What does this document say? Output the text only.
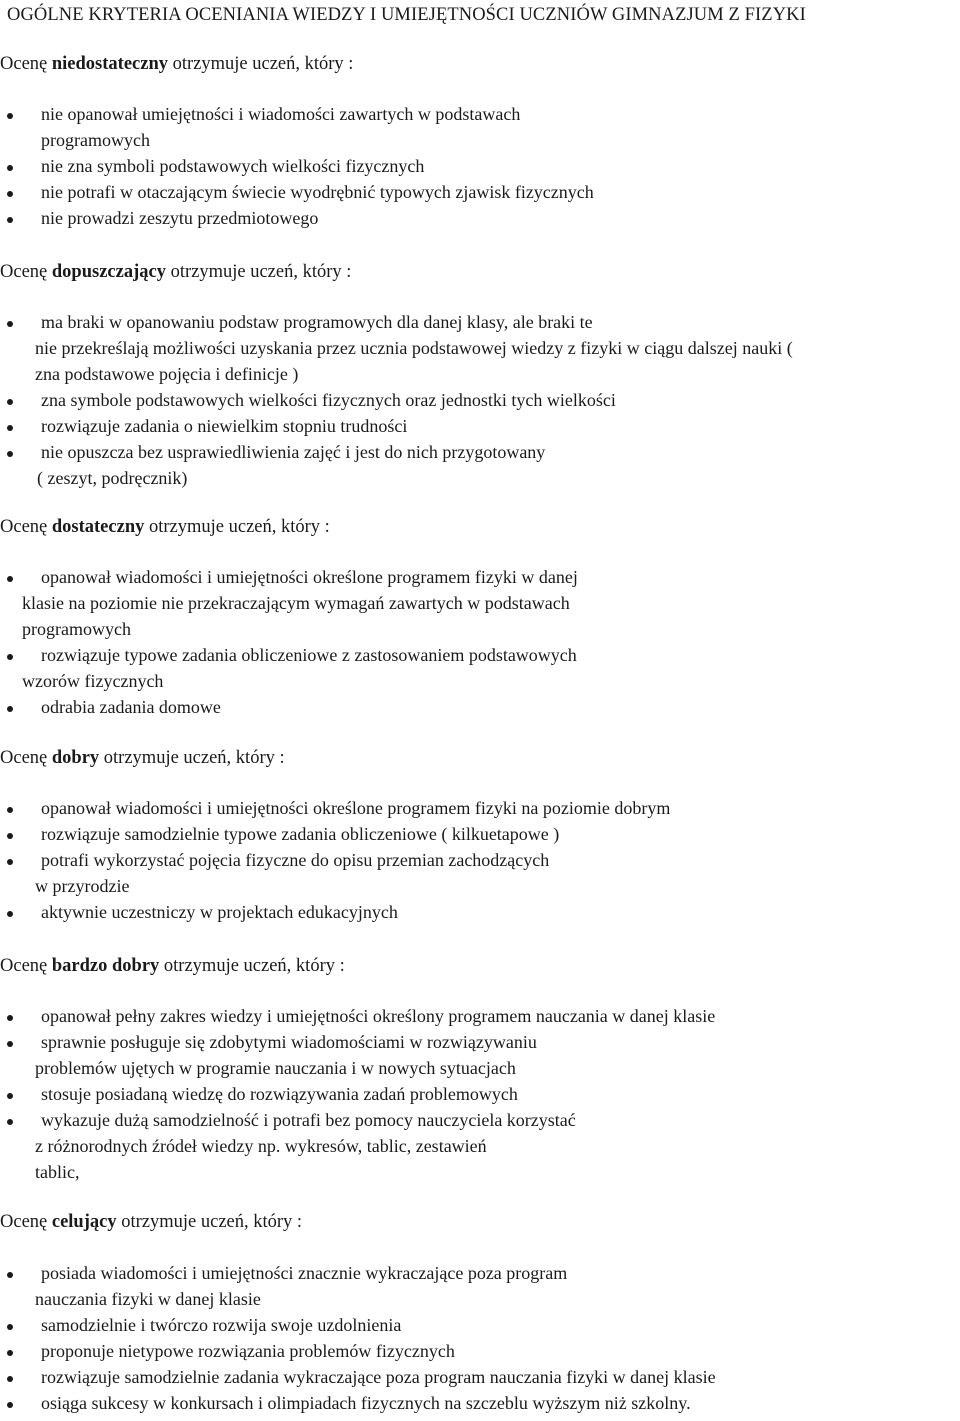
OGÓLNE KRYTERIA OCENIANIA WIEDZY I UMIEJĘTNOŚCI UCZNIÓW GIMNAZJUM Z FIZYKI
Ocenę niedostateczny otrzymuje uczeń, który :
nie opanował umiejętności i wiadomości zawartych w podstawach
programowych
nie zna symboli podstawowych wielkości fizycznych
nie potrafi w otaczającym świecie wyodrębnić typowych zjawisk fizycznych
nie prowadzi zeszytu przedmiotowego
Ocenę dopuszczający otrzymuje uczeń, który :
ma braki w opanowaniu podstaw programowych dla danej klasy, ale braki te
nie przekreślają możliwości uzyskania przez ucznia podstawowej wiedzy z fizyki w ciągu dalszej nauki (
zna podstawowe pojęcia i definicje )
zna symbole podstawowych wielkości fizycznych oraz jednostki tych wielkości
rozwiązuje zadania o niewielkim stopniu trudności
nie opuszcza bez usprawiedliwienia zajęć i jest do nich przygotowany
( zeszyt, podręcznik)
Ocenę dostateczny otrzymuje uczeń, który :
opanował wiadomości i umiejętności określone programem fizyki w danej
klasie na poziomie nie przekraczającym wymagań zawartych w podstawach
programowych
rozwiązuje typowe zadania obliczeniowe z zastosowaniem podstawowych
wzorów fizycznych
odrabia zadania domowe
Ocenę dobry otrzymuje uczeń, który :
opanował wiadomości i umiejętności określone programem fizyki na poziomie dobrym
rozwiązuje samodzielnie typowe zadania obliczeniowe ( kilkuetapowe )
potrafi wykorzystać pojęcia fizyczne do opisu przemian zachodzących
w przyrodzie
aktywnie uczestniczy w projektach edukacyjnych
Ocenę bardzo dobry otrzymuje uczeń, który :
opanował pełny zakres wiedzy i umiejętności określony programem nauczania w danej klasie
sprawnie posługuje się zdobytymi wiadomościami w rozwiązywaniu
problemów ujętych w programie nauczania i w nowych sytuacjach
stosuje posiadaną wiedzę do rozwiązywania zadań problemowych
wykazuje dużą samodzielność i potrafi bez pomocy nauczyciela korzystać
z różnorodnych źródeł wiedzy np. wykresów, tablic, zestawień
tablic,
Ocenę celujący otrzymuje uczeń, który :
posiada wiadomości i umiejętności znacznie wykraczające poza program
nauczania fizyki w danej klasie
samodzielnie i twórczo rozwija swoje uzdolnienia
proponuje nietypowe rozwiązania problemów fizycznych
rozwiązuje samodzielnie zadania wykraczające poza program nauczania fizyki w danej klasie
osiąga sukcesy w konkursach i olimpiadach fizycznych na szczeblu wyższym niż szkolny.
